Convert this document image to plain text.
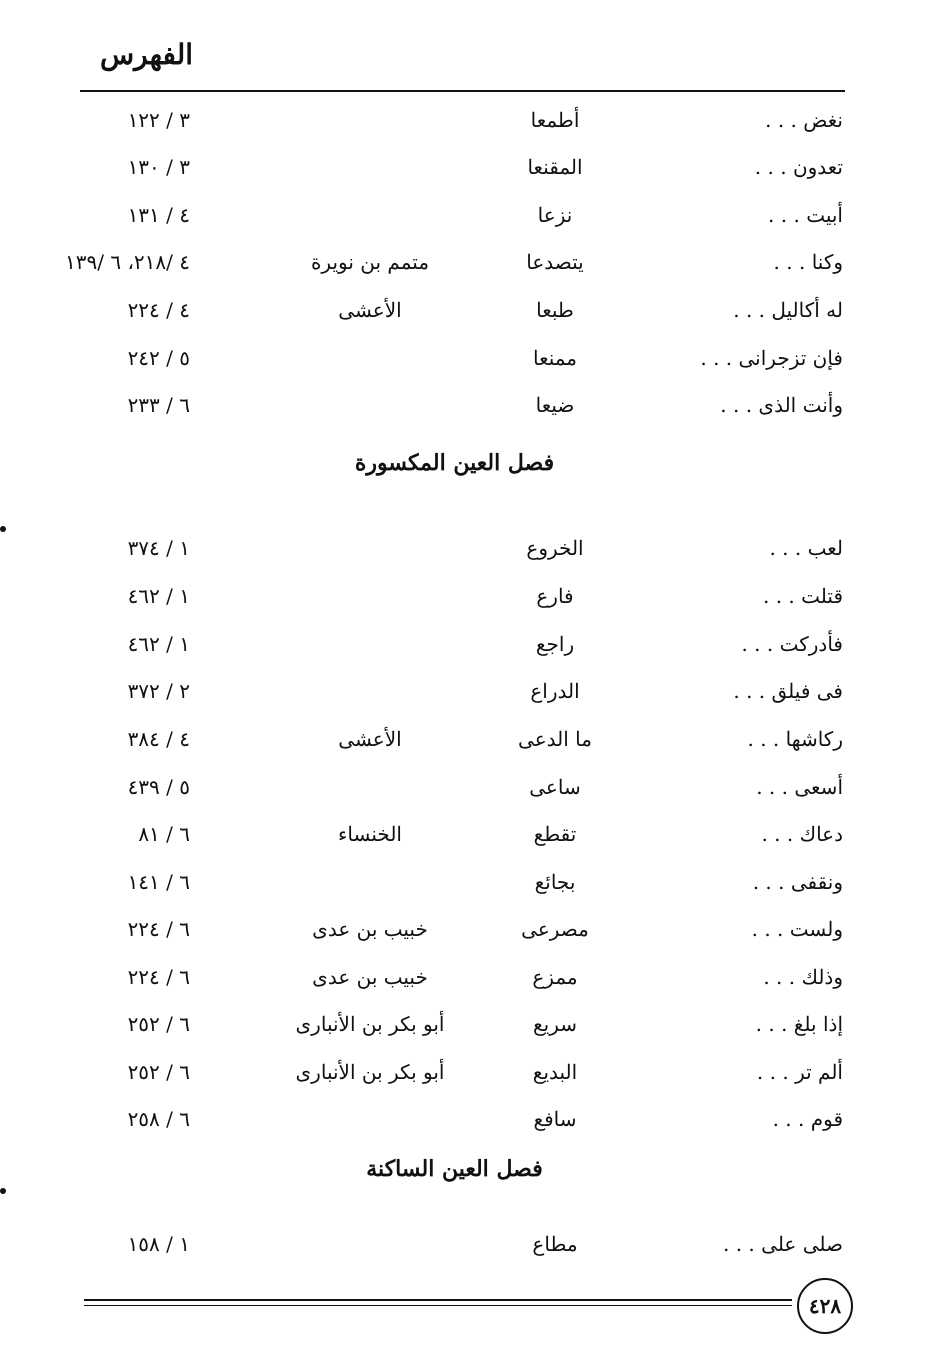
الفهرس
نغض . . .
أطمعا
٣ / ١٢٢
تعدون . . .
المقنعا
٣ / ١٣٠
أبيت . . .
نزعا
٤ / ١٣١
وكنا . . .
يتصدعا
متمم بن نويرة
٤ /٢١٨، ٦ /١٣٩
له أكاليل . . .
طبعا
الأعشى
٤ / ٢٢٤
فإن تزجرانى . . .
ممنعا
٥ / ٢٤٢
وأنت الذى . . .
ضيعا
٦ / ٢٣٣
فصل العين المكسورة
لعب . . .
الخروع
١ / ٣٧٤
قتلت . . .
فارع
١ / ٤٦٢
فأدركت . . .
راجع
١ / ٤٦٢
فى فيلق . . .
الدراع
٢ / ٣٧٢
ركاشها . . .
ما الدعى
الأعشى
٤ / ٣٨٤
أسعى . . .
ساعى
٥ / ٤٣٩
دعاك . . .
تقطع
الخنساء
٦ / ٨١
ونقفى . . .
بجائع
٦ / ١٤١
ولست . . .
مصرعى
خبيب بن عدى
٦ / ٢٢٤
وذلك . . .
ممزع
خبيب بن عدى
٦ / ٢٢٤
إذا بلغ . . .
سريع
أبو بكر بن الأنبارى
٦ / ٢٥٢
ألم تر . . .
البديع
أبو بكر بن الأنبارى
٦ / ٢٥٢
قوم . . .
سافع
٦ / ٢٥٨
فصل العين الساكنة
صلى على . . .
مطاع
١ / ١٥٨
٤٢٨
